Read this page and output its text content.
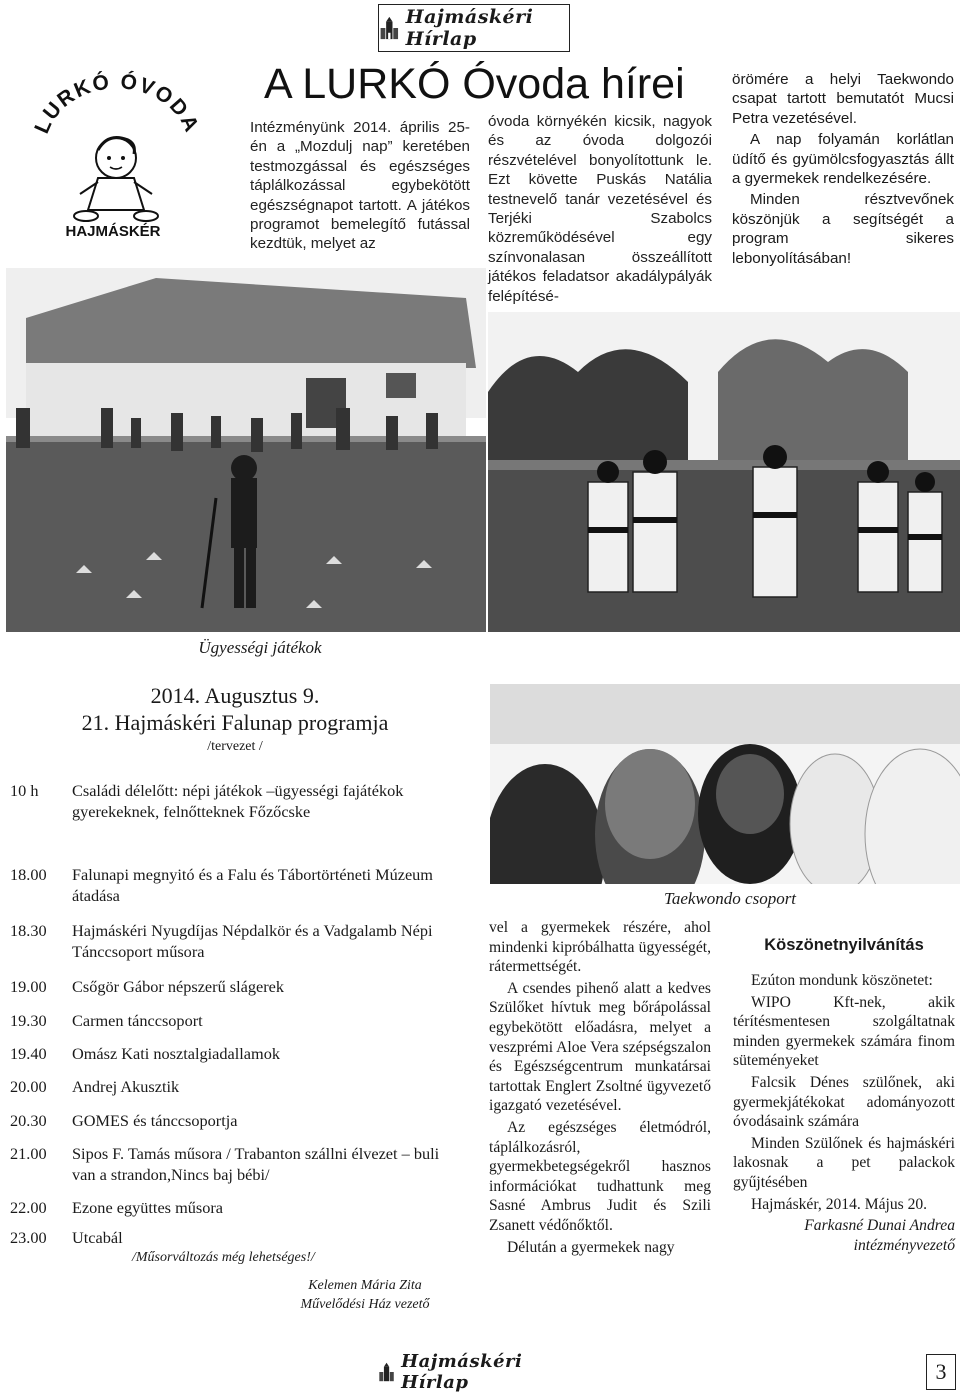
Hajmáskéri Hírlap
LURKÓ ÓVOD
HAJMÁSKÉR
A LURKÓ Óvoda hírei
Intézményünk 2014. április 25-én a „Mozdulj nap” keretében testmozgással és egészséges táplálkozással egybekötött egészségnapot tartott. A játékos programot bemelegítő futással kezdtük, melyet az
óvoda környékén kicsik, nagyok és az óvoda dolgozói részvételével bonyolítottunk le. Ezt követte Puskás Natália testnevelő tanár vezetésével és Terjéki Szabolcs közreműködésével egy színvonalasan összeállított játékos feladatsor akadálypályák felépítésé-

örömére a helyi Taekwondo csapat tartott bemutatót Mucsi Petra vezetésével.

A nap folyamán korlátlan üdítő és gyümölcsfogyasztás állt a gyermekek rendelkezésére.

Minden résztvevőnek köszönjük a segítségét a program sikeres lebonyolításában!

Ügyességi játékok
2014. Augusztus 9.
21. Hajmáskéri Falunap programja
/tervezet /
10 h Családi délelőtt: népi játékok –ügyességi fajátékok gyerekeknek, felnőtteknek Főzőcske
18.00 Falunapi megnyitó és a Falu és Tábortörténeti Múzeum átadása
18.30 Hajmáskéri Nyugdíjas Népdalkör és a Vadgalamb Népi Tánccsoport műsora
19.00 Csőgör Gábor népszerű slágerek
19.30 Carmen tánccsoport
19.40 Omász Kati nosztalgiadallamok
20.00 Andrej Akusztik
20.30 GOMES és tánccsoportja
21.00 Sipos F. Tamás műsora / Trabanton szállni élvezet – buli van a strandon,Nincs baj bébi/
22.00 Ezone együttes műsora
23.00 Utcabál
/Műsorváltozás még lehetséges!/
Kelemen Mária Zita
Művelődési Ház vezető
Taekwondo csoport

vel a gyermekek részére, ahol mindenki kipróbálhatta ügyességét, rátermettségét.

A csendes pihenő alatt a kedves Szülőket hívtuk meg bőrápolással egybekötött előadásra, melyet a veszprémi Aloe Vera szépségszalon és Egészségcentrum munkatársai tartottak Englert Zsoltné ügyvezető igazgató vezetésével.

Az egészséges életmódról, táplálkozásról, gyermekbetegségekről hasznos információkat tudhattunk meg Sasné Ambrus Judit és Szili Zsanett védőnőktől.

Délután a gyermekek nagy

Köszönetnyilvánítás

Ezúton mondunk köszönetet:

WIPO Kft-nek, akik térítésmentesen szolgáltatnak minden gyermekek számára finom süteményeket

Falcsik Dénes szülőnek, aki gyermekjátékokat adományozott óvodásaink számára

Minden Szülőnek és hajmáskéri lakosnak a pet palackok gyűjtésében

Hajmáskér, 2014. Május 20.

Farkasné Dunai Andrea
intézményvezető
Hajmáskéri Hírlap	3
